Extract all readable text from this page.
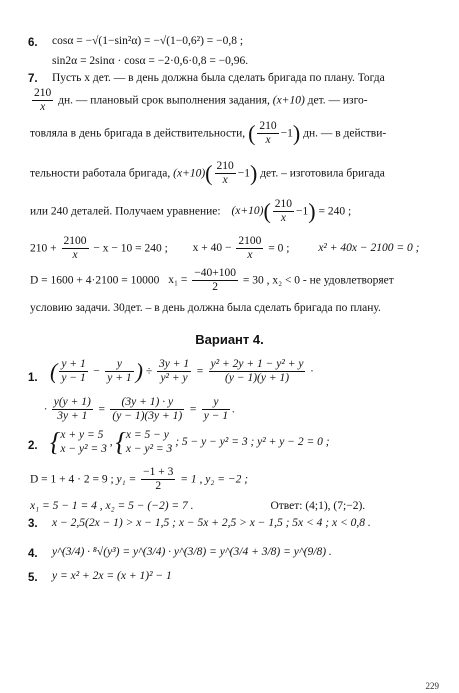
6. cosα = −√(1−sin²α) = −√(1−0,6²) = −0,8 ;
sin2α = 2sinα · cosα = −2·0,6·0,8 = −0,96.
7. Пусть x дет. — в день должна была сделать бригада по плану. Тогда
$\frac{210}{x}$ дн. — плановый срок выполнения задания, (x+10) дет. — изго-
товляла в день бригада в действительности, ( $\frac{210}{x} -1$) дн. — в действи-
тельности работала бригада, $(x+10)( \frac{210}{x} -1)$ дет. – изготовила бригада
или 240 деталей. Получаем уравнение: $(x+10)( \frac{210}{x} -1) = 240$ ;
$210 + \frac{2100}{x} - x - 10 = 240$ ; $x + 40 - \frac{2100}{x} = 0$ ;	x² + 40x − 2100 = 0 ;
D = 1600 + 4·2100 = 10000 $x_1 = \frac{-40+100}{2} = 30$ , x₂ < 0 - не удовлетворяет
условию задачи. 30дет. – в день должна была сделать бригада по плану.
Вариант 4.
1. ( $\frac{y + 1}{y - 1} - \frac{y}{y + 1}$ ) ÷ $\frac{3y + 1}{\text{y² + y}} = \frac{\text{y² + 2y + 1 − y² + y}}{(y - 1)(y + 1)}$ ·
· $\frac{y(y + 1)}{3y + 1} = \frac{(3y + 1) \cdot y}{(y - 1)(3y + 1)} = \frac{y}{y - 1}$ .
2. { x + y = 5
x − y² = 3
, { x = 5 − y
x − y² = 3
; 5 − y − y² = 3 ; y² + y − 2 = 0 ;
D = 1 + 4 · 2 = 9 ; $y_1 = \frac{-1 + 3}{2} = 1$ , y₂ = −2 ;
x₁ = 5 − 1 = 4 , x₂ = 5 − (−2) = 7 .	Ответ: (4;1), (7;−2).
3. x − 2,5(2x − 1) > x − 1,5 ; x − 5x + 2,5 > x − 1,5 ; 5x < 4 ; x < 0,8 .
4. y^(3/4) · ⁸√(y³) = y^(3/4) · y^(3/8) = y^(3/4 + 3/8) = y^(9/8) .
5. y = x² + 2x = (x + 1)² − 1
229
